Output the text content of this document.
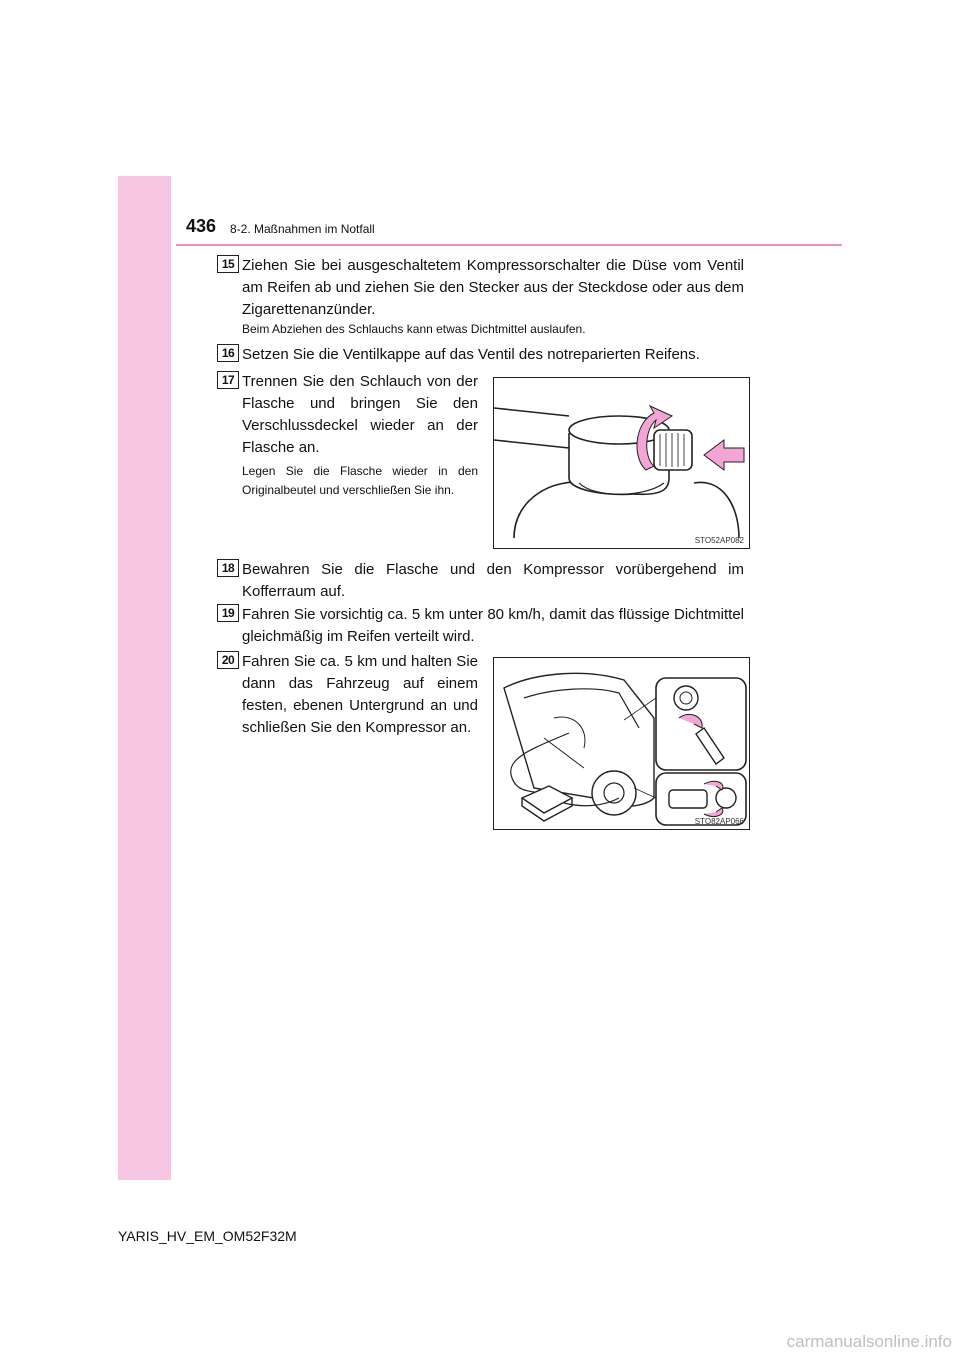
436 8-2. Maßnahmen im Notfall
15 Ziehen Sie bei ausgeschaltetem Kompressorschalter die Düse vom Ventil am Reifen ab und ziehen Sie den Stecker aus der Steckdose oder aus dem Zigarettenanzünder.
Beim Abziehen des Schlauchs kann etwas Dichtmittel auslaufen.
16 Setzen Sie die Ventilkappe auf das Ventil des notreparierten Reifens.
17 Trennen Sie den Schlauch von der Flasche und bringen Sie den Verschlussdeckel wieder an der Flasche an.
Legen Sie die Flasche wieder in den Originalbeutel und verschließen Sie ihn.
STO52AP082
18 Bewahren Sie die Flasche und den Kompressor vorübergehend im Kofferraum auf.
19 Fahren Sie vorsichtig ca. 5 km unter 80 km/h, damit das flüssige Dichtmittel gleichmäßig im Reifen verteilt wird.
20 Fahren Sie ca. 5 km und halten Sie dann das Fahrzeug auf einem festen, ebenen Untergrund an und schließen Sie den Kompressor an.
STO82AP066
YARIS_HV_EM_OM52F32M
carmanualsonline.info
